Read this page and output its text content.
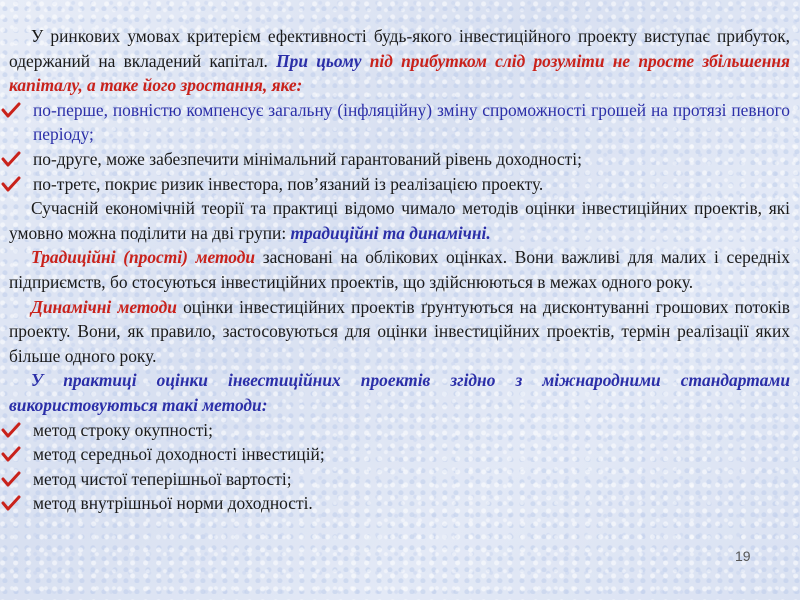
У ринкових умовах критерієм ефективності будь-якого інвестиційного проекту виступає прибуток, одержаний на вкладений капітал. При цьому під прибутком слід розуміти не просте збільшення капіталу, а таке його зростання, яке:

по-перше, повністю компенсує загальну (інфляційну) зміну спроможності грошей на протязі певного періоду;
по-друге, може забезпечити мінімальний гарантований рівень доходності;
по-третє, покриє ризик інвестора, пов’язаний із реалізацією проекту.

Сучасній економічній теорії та практиці відомо чимало методів оцінки інвестиційних проектів, які умовно можна поділити на дві групи: традиційні та динамічні.

Традиційні (прості) методи засновані на облікових оцінках. Вони важливі для малих і середніх підприємств, бо стосуються інвестиційних проектів, що здійснюються в межах одного року.

Динамічні методи оцінки інвестиційних проектів ґрунтуються на дисконтуванні грошових потоків проекту. Вони, як правило, застосовуються для оцінки інвестиційних проектів, термін реалізації яких більше одного року.

У практиці оцінки інвестиційних проектів згідно з міжнародними стандартами використовуються такі методи:

метод строку окупності;
метод середньої доходності інвестицій;
метод чистої теперішньої вартості;
метод внутрішньої норми доходності.
19
